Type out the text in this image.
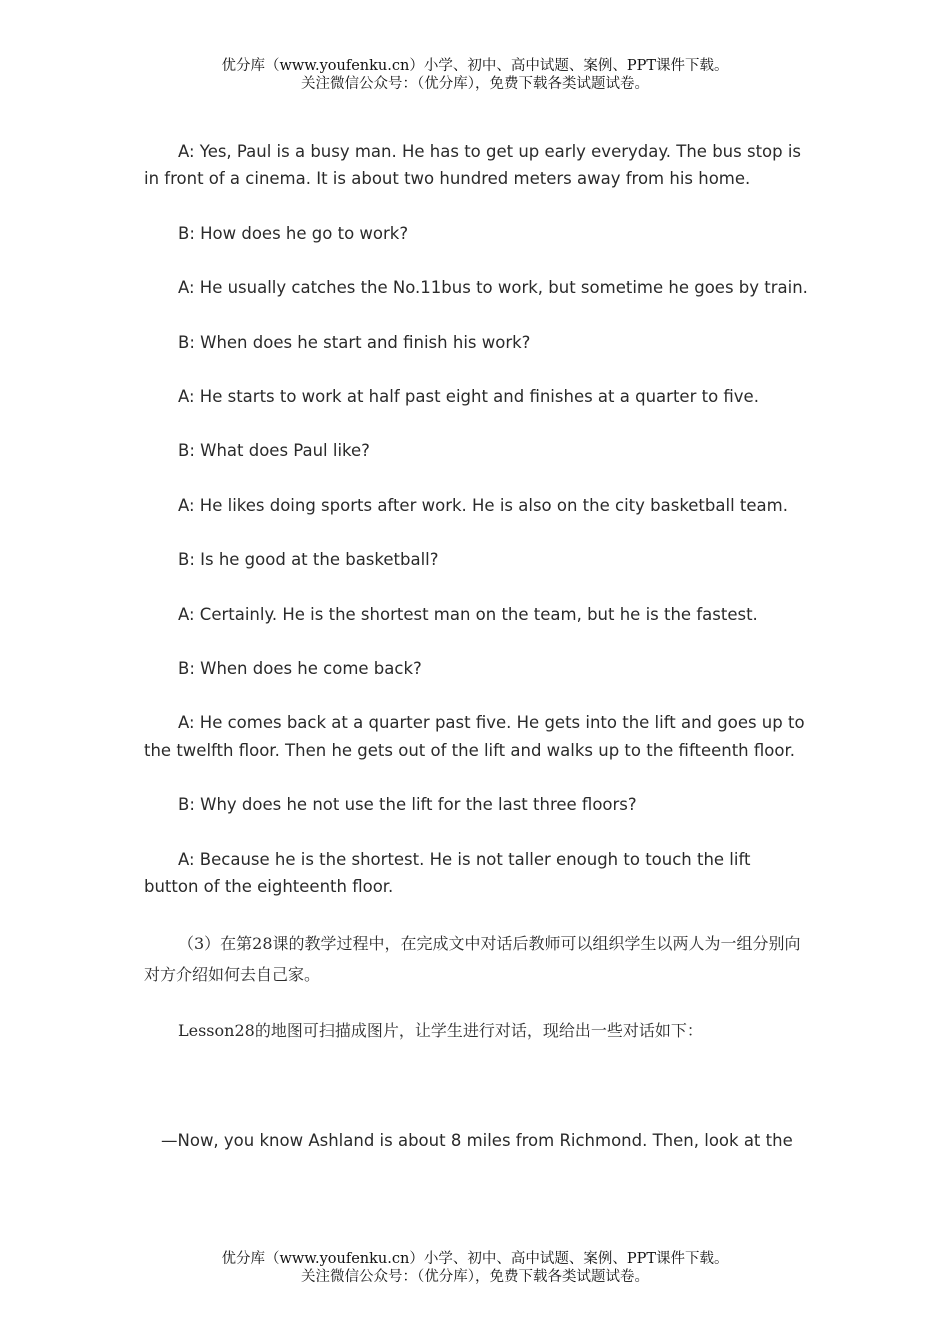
优分库（www.youfenku.cn）小学、初中、高中试题、案例、PPT课件下载。
关注微信公众号：（优分库），免费下载各类试题试卷。

A: Yes, Paul is a busy man. He has to get up early everyday. The bus stop is in front of a cinema. It is about two hundred meters away from his home.

B: How does he go to work?

A: He usually catches the No.11bus to work, but sometime he goes by train.

B: When does he start and finish his work?

A: He starts to work at half past eight and finishes at a quarter to five.

B: What does Paul like?

A: He likes doing sports after work. He is also on the city basketball team.

B: Is he good at the basketball?

A: Certainly. He is the shortest man on the team, but he is the fastest.

B: When does he come back?

A: He comes back at a quarter past five. He gets into the lift and goes up to the twelfth floor. Then he gets out of the lift and walks up to the fifteenth floor.

B: Why does he not use the lift for the last three floors?

A: Because he is the shortest. He is not taller enough to touch the lift button of the eighteenth floor.

（3）在第28课的教学过程中，在完成文中对话后教师可以组织学生以两人为一组分别向对方介绍如何去自己家。

Lesson28的地图可扫描成图片，让学生进行对话，现给出一些对话如下：

—Now, you know Ashland is about 8 miles from Richmond. Then, look at the

优分库（www.youfenku.cn）小学、初中、高中试题、案例、PPT课件下载。
关注微信公众号：（优分库），免费下载各类试题试卷。
